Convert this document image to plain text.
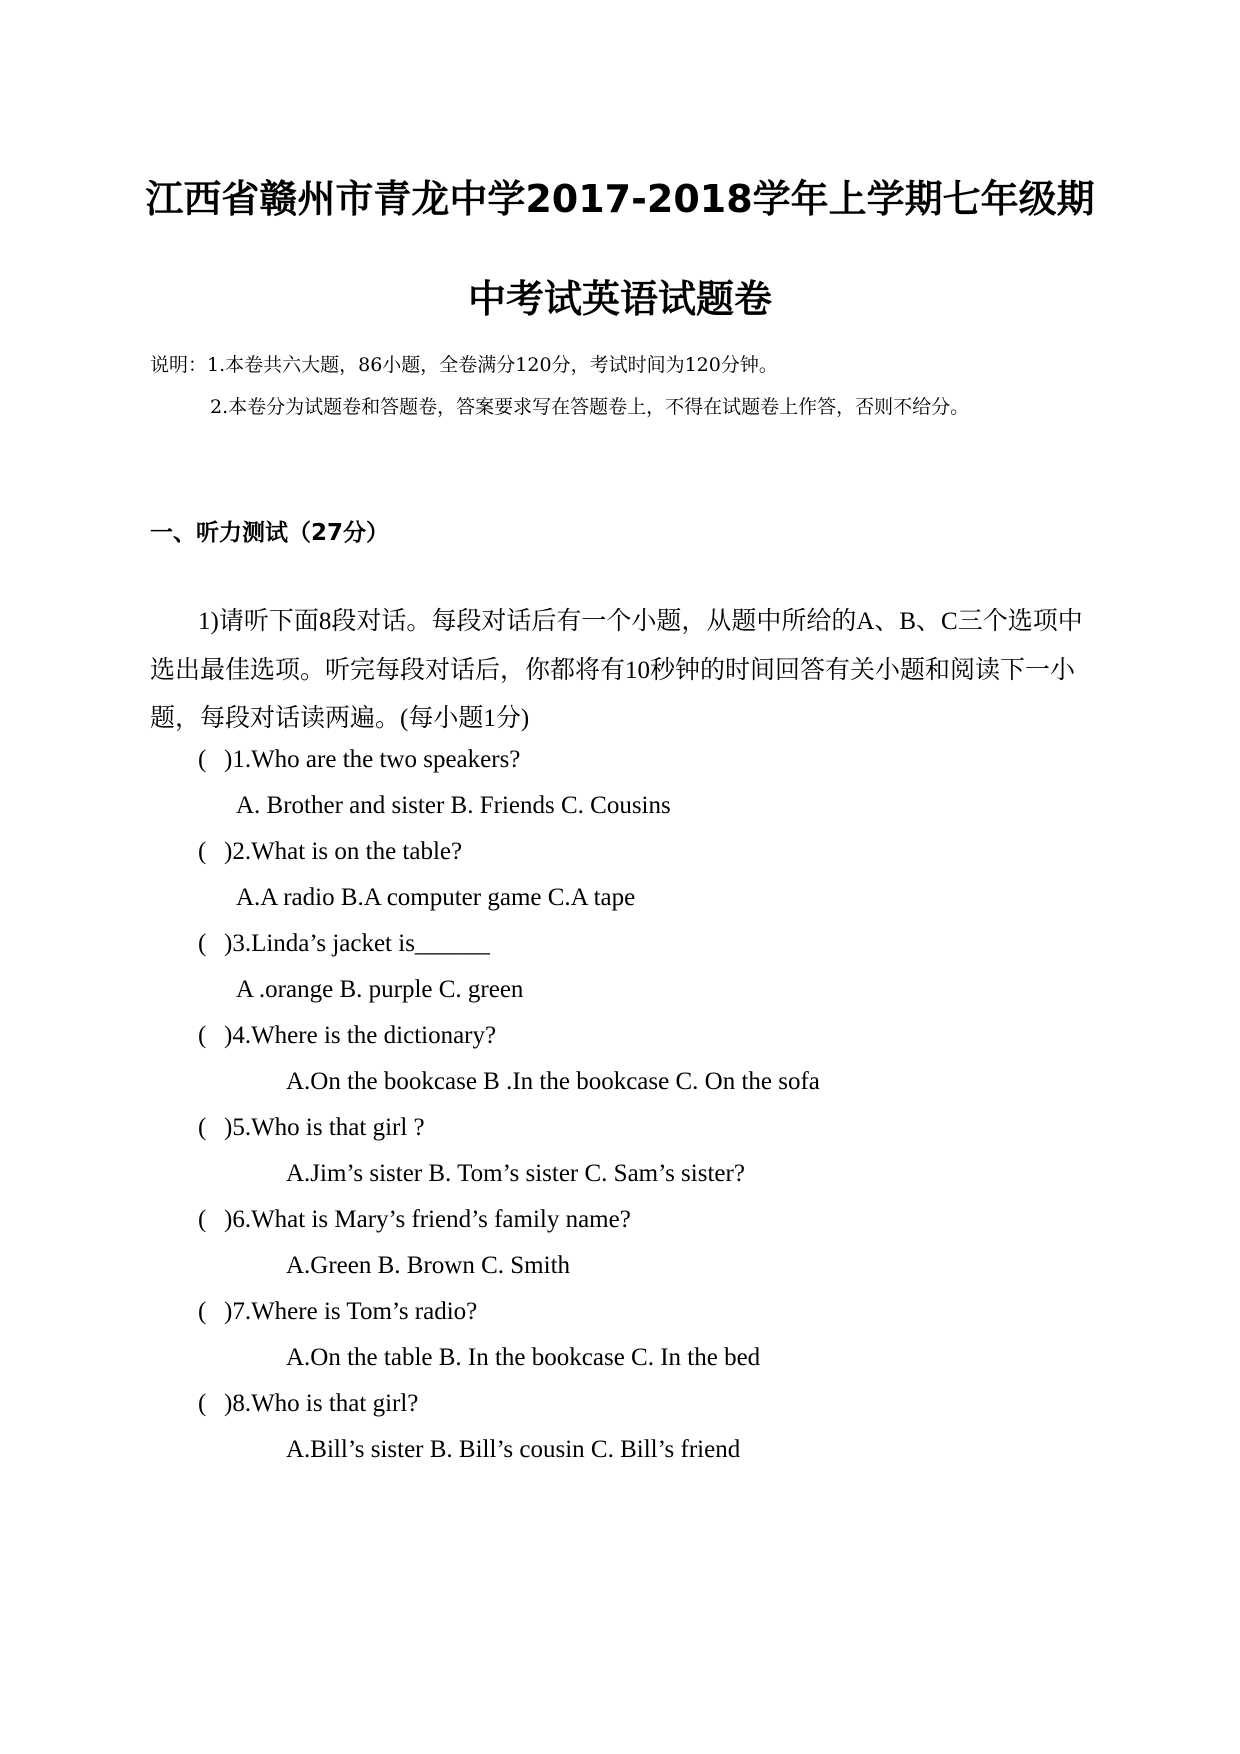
江西省赣州市青龙中学2017-2018学年上学期七年级期
中考试英语试题卷
说明：1.本卷共六大题，86小题，全卷满分120分，考试时间为120分钟。
2.本卷分为试题卷和答题卷，答案要求写在答题卷上，不得在试题卷上作答，否则不给分。
一、听力测试（27分）
1)请听下面8段对话。每段对话后有一个小题，从题中所给的A、B、C三个选项中
选出最佳选项。听完每段对话后，你都将有10秒钟的时间回答有关小题和阅读下一小
题，每段对话读两遍。(每小题1分)
( )1.Who are the two speakers?
A. Brother and sister B. Friends C. Cousins
( )2.What is on the table?
A.A radio B.A computer game C.A tape
( )3.Linda’s jacket is______
A .orange B. purple C. green
( )4.Where is the dictionary?
A.On the bookcase B .In the bookcase C. On the sofa
( )5.Who is that girl ?
A.Jim’s sister B. Tom’s sister C. Sam’s sister?
( )6.What is Mary’s friend’s family name?
A.Green B. Brown C. Smith
( )7.Where is Tom’s radio?
A.On the table B. In the bookcase C. In the bed
( )8.Who is that girl?
A.Bill’s sister B. Bill’s cousin C. Bill’s friend
